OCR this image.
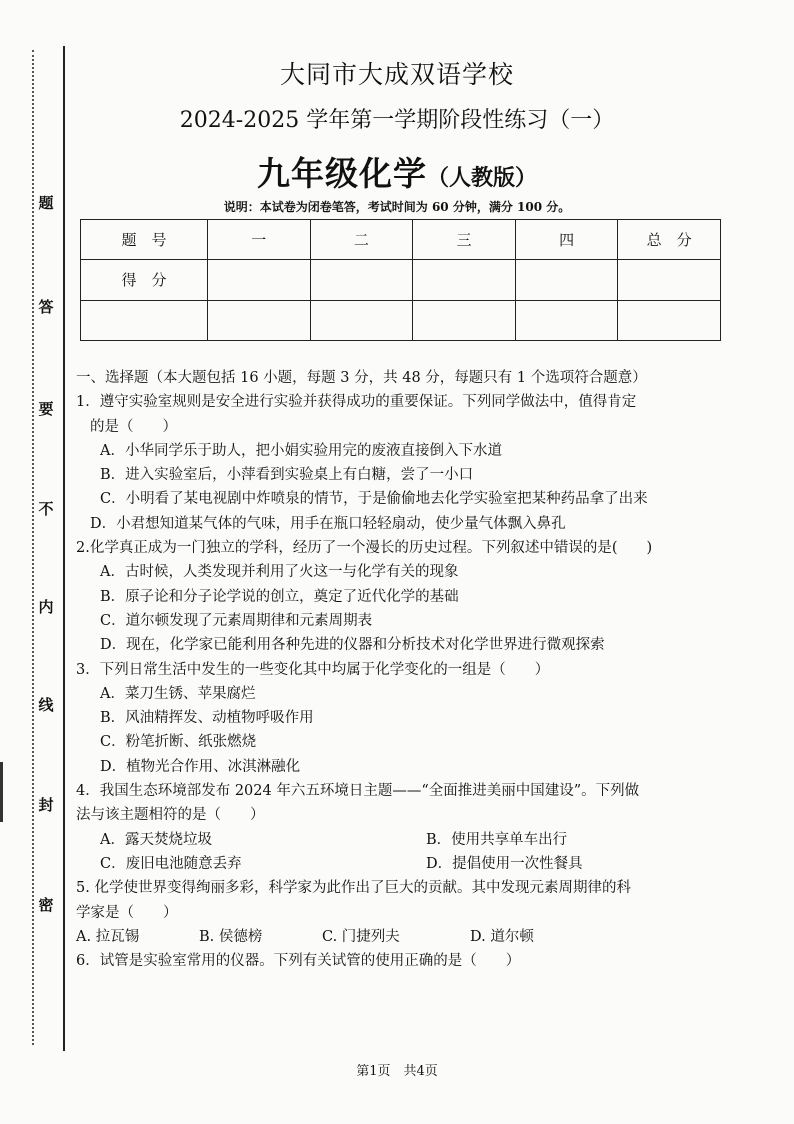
题
答
要
不
内
线
封
密
大同市大成双语学校
2024-2025 学年第一学期阶段性练习（一）
九年级化学（人教版）
说明：本试卷为闭卷笔答，考试时间为 60 分钟，满分 100 分。
题　号	一	二	三	四	总　分
得　分					

一、选择题（本大题包括 16 小题，每题 3 分，共 48 分，每题只有 1 个选项符合题意）
1．遵守实验室规则是安全进行实验并获得成功的重要保证。下列同学做法中，值得肯定
的是（　　）
A．小华同学乐于助人，把小娟实验用完的废液直接倒入下水道
B．进入实验室后，小萍看到实验桌上有白糖，尝了一小口
C．小明看了某电视剧中炸喷泉的情节，于是偷偷地去化学实验室把某种药品拿了出来
D．小君想知道某气体的气味，用手在瓶口轻轻扇动，使少量气体飘入鼻孔
2.化学真正成为一门独立的学科，经历了一个漫长的历史过程。下列叙述中错误的是(　　)
A．古时候，人类发现并利用了火这一与化学有关的现象
B．原子论和分子论学说的创立，奠定了近代化学的基础
C．道尔顿发现了元素周期律和元素周期表
D．现在，化学家已能利用各种先进的仪器和分析技术对化学世界进行微观探索
3．下列日常生活中发生的一些变化其中均属于化学变化的一组是（　　）
A．菜刀生锈、苹果腐烂
B．风油精挥发、动植物呼吸作用
C．粉笔折断、纸张燃烧
D．植物光合作用、冰淇淋融化
4．我国生态环境部发布 2024 年六五环境日主题——“全面推进美丽中国建设”。下列做
法与该主题相符的是（　　）
A．露天焚烧垃圾	B．使用共享单车出行
C．废旧电池随意丢弃	D．提倡使用一次性餐具
5. 化学使世界变得绚丽多彩，科学家为此作出了巨大的贡献。其中发现元素周期律的科
学家是（　　）
A. 拉瓦锡	B. 侯德榜	C. 门捷列夫	D. 道尔顿
6．试管是实验室常用的仪器。下列有关试管的使用正确的是（　　）
第1页　共4页
